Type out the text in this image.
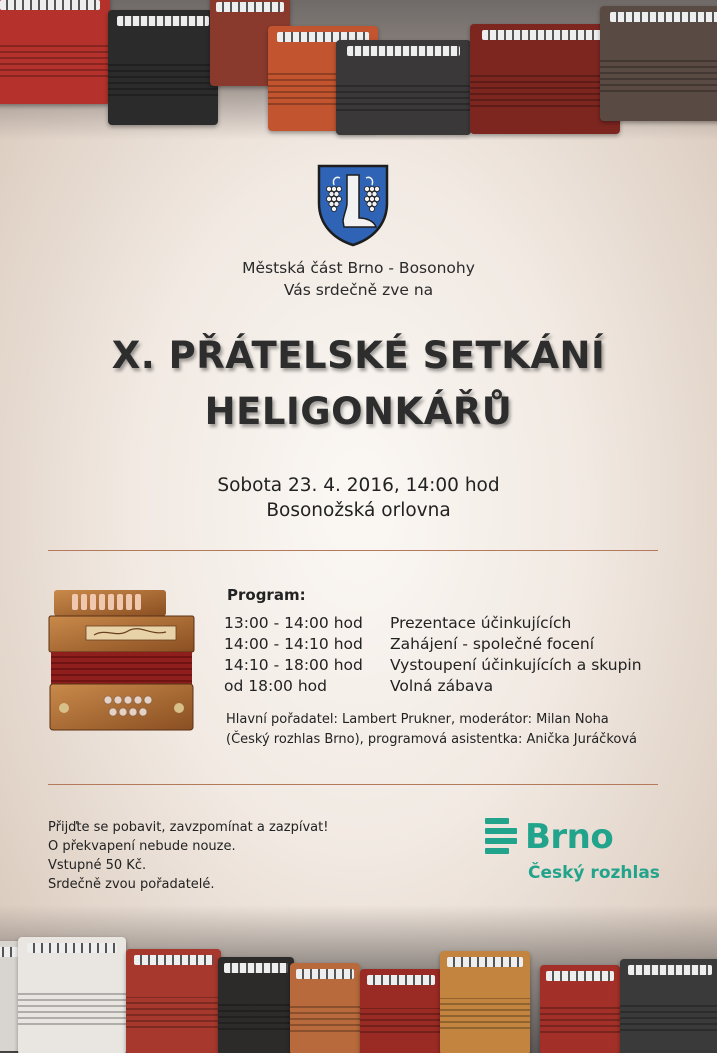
Městská část Brno - Bosonohy
Vás srdečně zve na
X. PŘÁTELSKÉ SETKÁNÍ
HELIGONKÁŘŮ
Sobota 23. 4. 2016, 14:00 hod
Bosonožská orlovna
Program:
13:00 - 14:00 hod Prezentace účinkujících
14:00 - 14:10 hod Zahájení - společné focení
14:10 - 18:00 hod Vystoupení účinkujících a skupin
od 18:00 hod	Volná zábava
Hlavní pořadatel: Lambert Prukner, moderátor: Milan Noha
(Český rozhlas Brno), programová asistentka: Anička Juráčková
Přijďte se pobavit, zavzpomínat a zazpívat!
O překvapení nebude nouze.
Vstupné 50 Kč.
Srdečně zvou pořadatelé.
Brno
Český rozhlas
